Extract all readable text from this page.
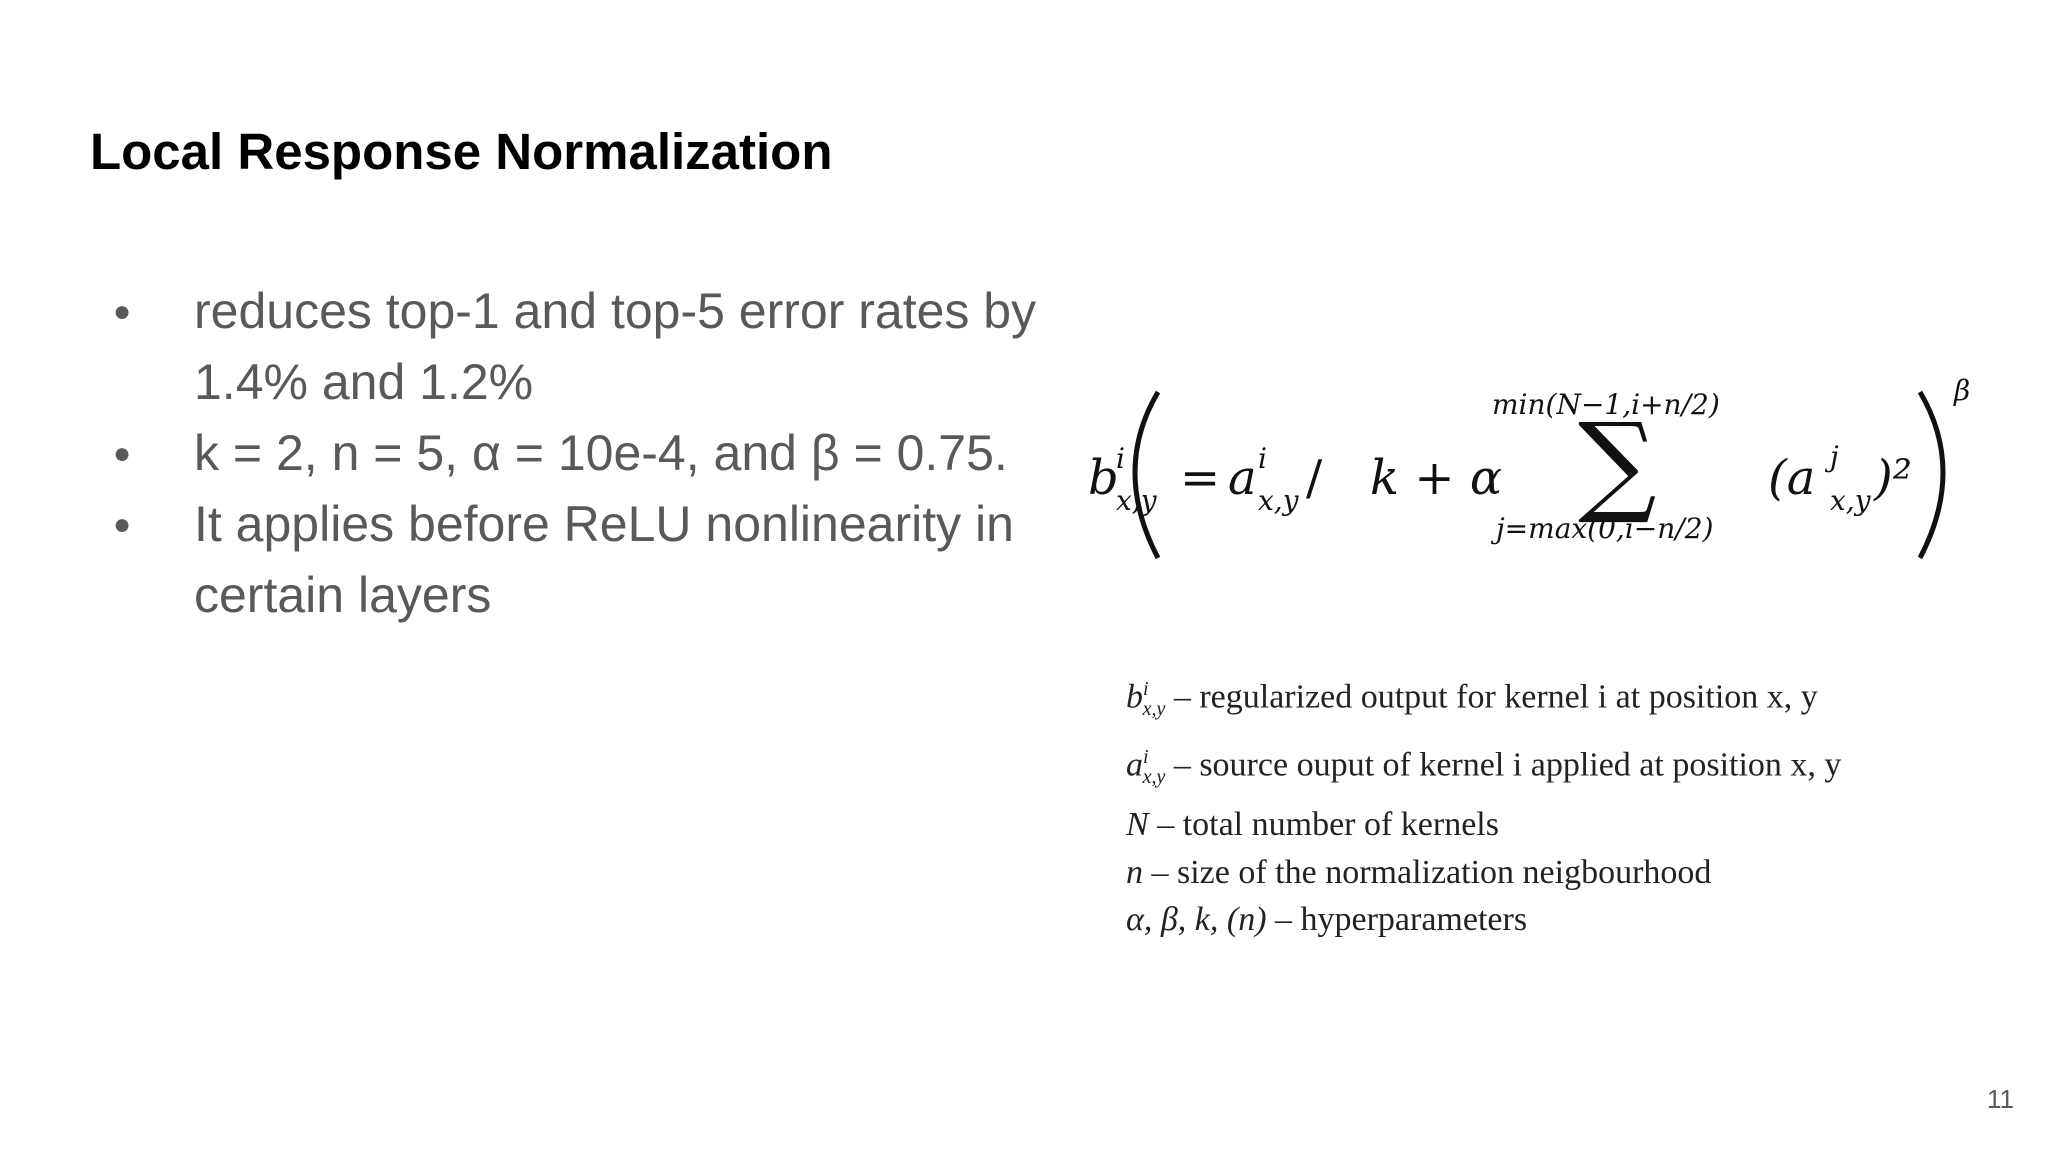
Local Response Normalization
● reduces top-1 and top-5 error rates by 1.4% and 1.2%
● k = 2, n = 5, α = 10e-4, and β = 0.75.
● It applies before ReLU nonlinearity in certain layers
b
i
x,y = a i
x,y / k + α
min(N−1,i+n/2)
∑
j=max(0,i−n/2)
(a j
x,y )²
β
$b^i_{x,y}$ – regularized output for kernel i at position x, y
$a^i_{x,y}$ – source ouput of kernel i applied at position x, y
N – total number of kernels
n – size of the normalization neigbourhood
α, β, k, (n) – hyperparameters
11
